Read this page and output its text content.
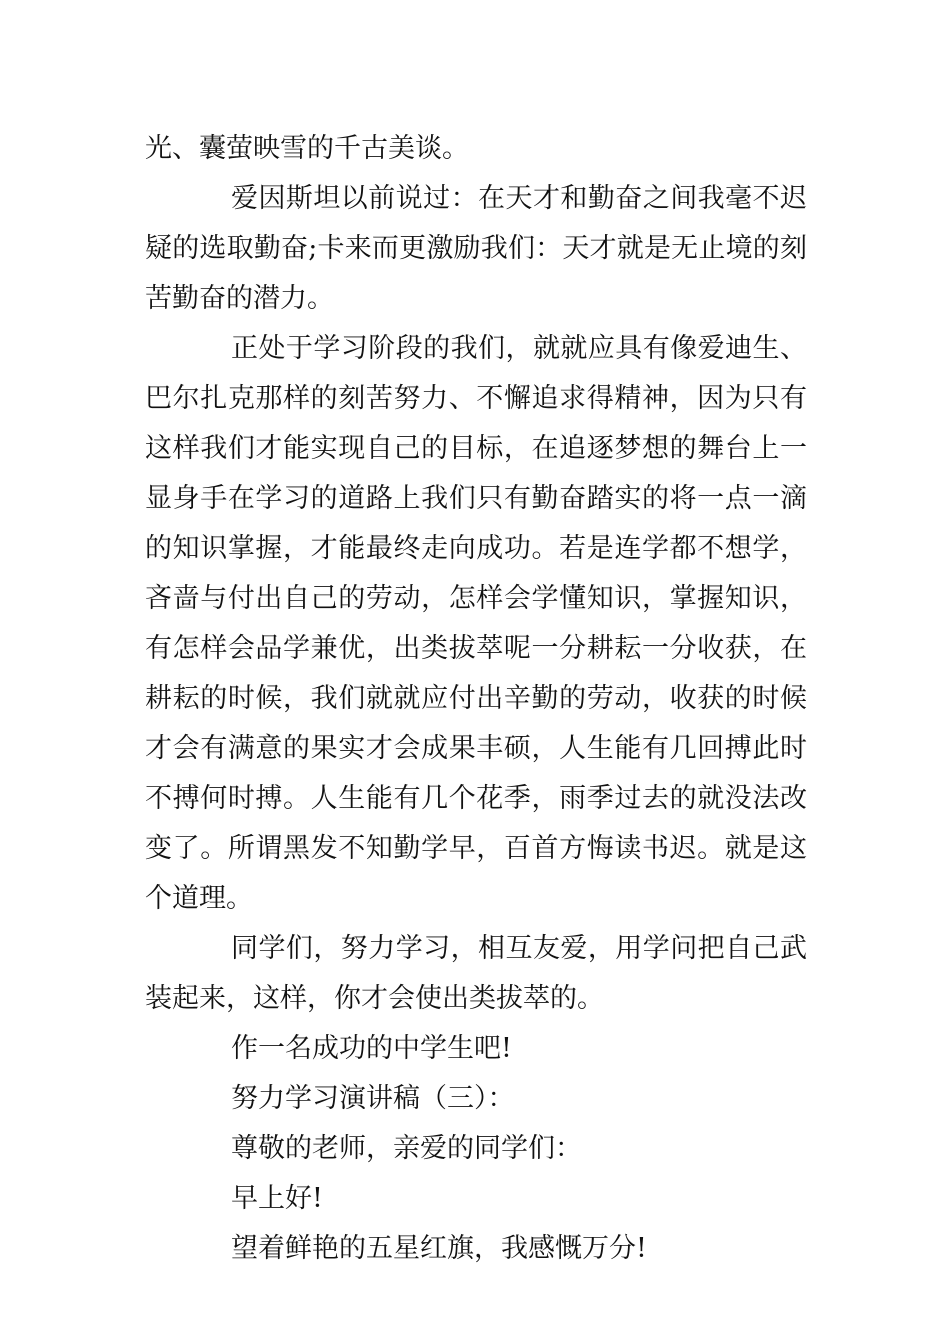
光、囊萤映雪的千古美谈。

爱因斯坦以前说过：在天才和勤奋之间我毫不迟疑的选取勤奋;卡来而更激励我们：天才就是无止境的刻苦勤奋的潜力。

正处于学习阶段的我们，就就应具有像爱迪生、巴尔扎克那样的刻苦努力、不懈追求得精神，因为只有这样我们才能实现自己的目标，在追逐梦想的舞台上一显身手在学习的道路上我们只有勤奋踏实的将一点一滴的知识掌握，才能最终走向成功。若是连学都不想学，吝啬与付出自己的劳动，怎样会学懂知识，掌握知识，有怎样会品学兼优，出类拔萃呢一分耕耘一分收获，在耕耘的时候，我们就就应付出辛勤的劳动，收获的时候才会有满意的果实才会成果丰硕，人生能有几回搏此时不搏何时搏。人生能有几个花季，雨季过去的就没法改变了。所谓黑发不知勤学早，百首方悔读书迟。就是这个道理。

同学们，努力学习，相互友爱，用学问把自己武装起来，这样，你才会使出类拔萃的。

作一名成功的中学生吧!

努力学习演讲稿（三）：

尊敬的老师，亲爱的同学们：

早上好!

望着鲜艳的五星红旗，我感慨万分!
